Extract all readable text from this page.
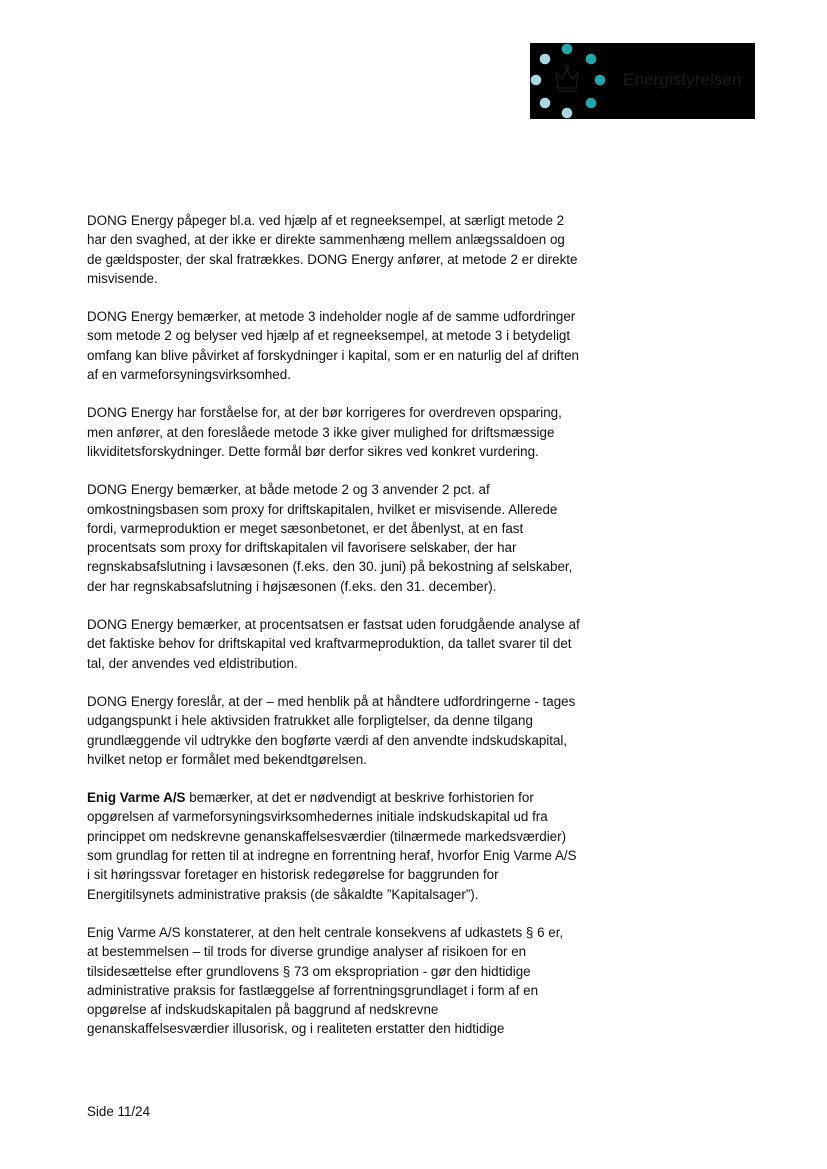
Energistyrelsen
DONG Energy påpeger bl.a. ved hjælp af et regneeksempel, at særligt metode 2
har den svaghed, at der ikke er direkte sammenhæng mellem anlægssaldoen og
de gældsposter, der skal fratrækkes. DONG Energy anfører, at metode 2 er direkte
misvisende.
DONG Energy bemærker, at metode 3 indeholder nogle af de samme udfordringer
som metode 2 og belyser ved hjælp af et regneeksempel, at metode 3 i betydeligt
omfang kan blive påvirket af forskydninger i kapital, som er en naturlig del af driften
af en varmeforsyningsvirksomhed.
DONG Energy har forståelse for, at der bør korrigeres for overdreven opsparing,
men anfører, at den foreslåede metode 3 ikke giver mulighed for driftsmæssige
likviditetsforskydninger. Dette formål bør derfor sikres ved konkret vurdering.
DONG Energy bemærker, at både metode 2 og 3 anvender 2 pct. af
omkostningsbasen som proxy for driftskapitalen, hvilket er misvisende. Allerede
fordi, varmeproduktion er meget sæsonbetonet, er det åbenlyst, at en fast
procentsats som proxy for driftskapitalen vil favorisere selskaber, der har
regnskabsafslutning i lavsæsonen (f.eks. den 30. juni) på bekostning af selskaber,
der har regnskabsafslutning i højsæsonen (f.eks. den 31. december).
DONG Energy bemærker, at procentsatsen er fastsat uden forudgående analyse af
det faktiske behov for driftskapital ved kraftvarmeproduktion, da tallet svarer til det
tal, der anvendes ved eldistribution.
DONG Energy foreslår, at der – med henblik på at håndtere udfordringerne - tages
udgangspunkt i hele aktivsiden fratrukket alle forpligtelser, da denne tilgang
grundlæggende vil udtrykke den bogførte værdi af den anvendte indskudskapital,
hvilket netop er formålet med bekendtgørelsen.
Enig Varme A/S bemærker, at det er nødvendigt at beskrive forhistorien for
opgørelsen af varmeforsyningsvirksomhedernes initiale indskudskapital ud fra
princippet om nedskrevne genanskaffelsesværdier (tilnærmede markedsværdier)
som grundlag for retten til at indregne en forrentning heraf, hvorfor Enig Varme A/S
i sit høringssvar foretager en historisk redegørelse for baggrunden for
Energitilsynets administrative praksis (de såkaldte ”Kapitalsager”).
Enig Varme A/S konstaterer, at den helt centrale konsekvens af udkastets § 6 er,
at bestemmelsen – til trods for diverse grundige analyser af risikoen for en
tilsidesættelse efter grundlovens § 73 om ekspropriation - gør den hidtidige
administrative praksis for fastlæggelse af forrentningsgrundlaget i form af en
opgørelse af indskudskapitalen på baggrund af nedskrevne
genanskaffelsesværdier illusorisk, og i realiteten erstatter den hidtidige
Side 11/24
